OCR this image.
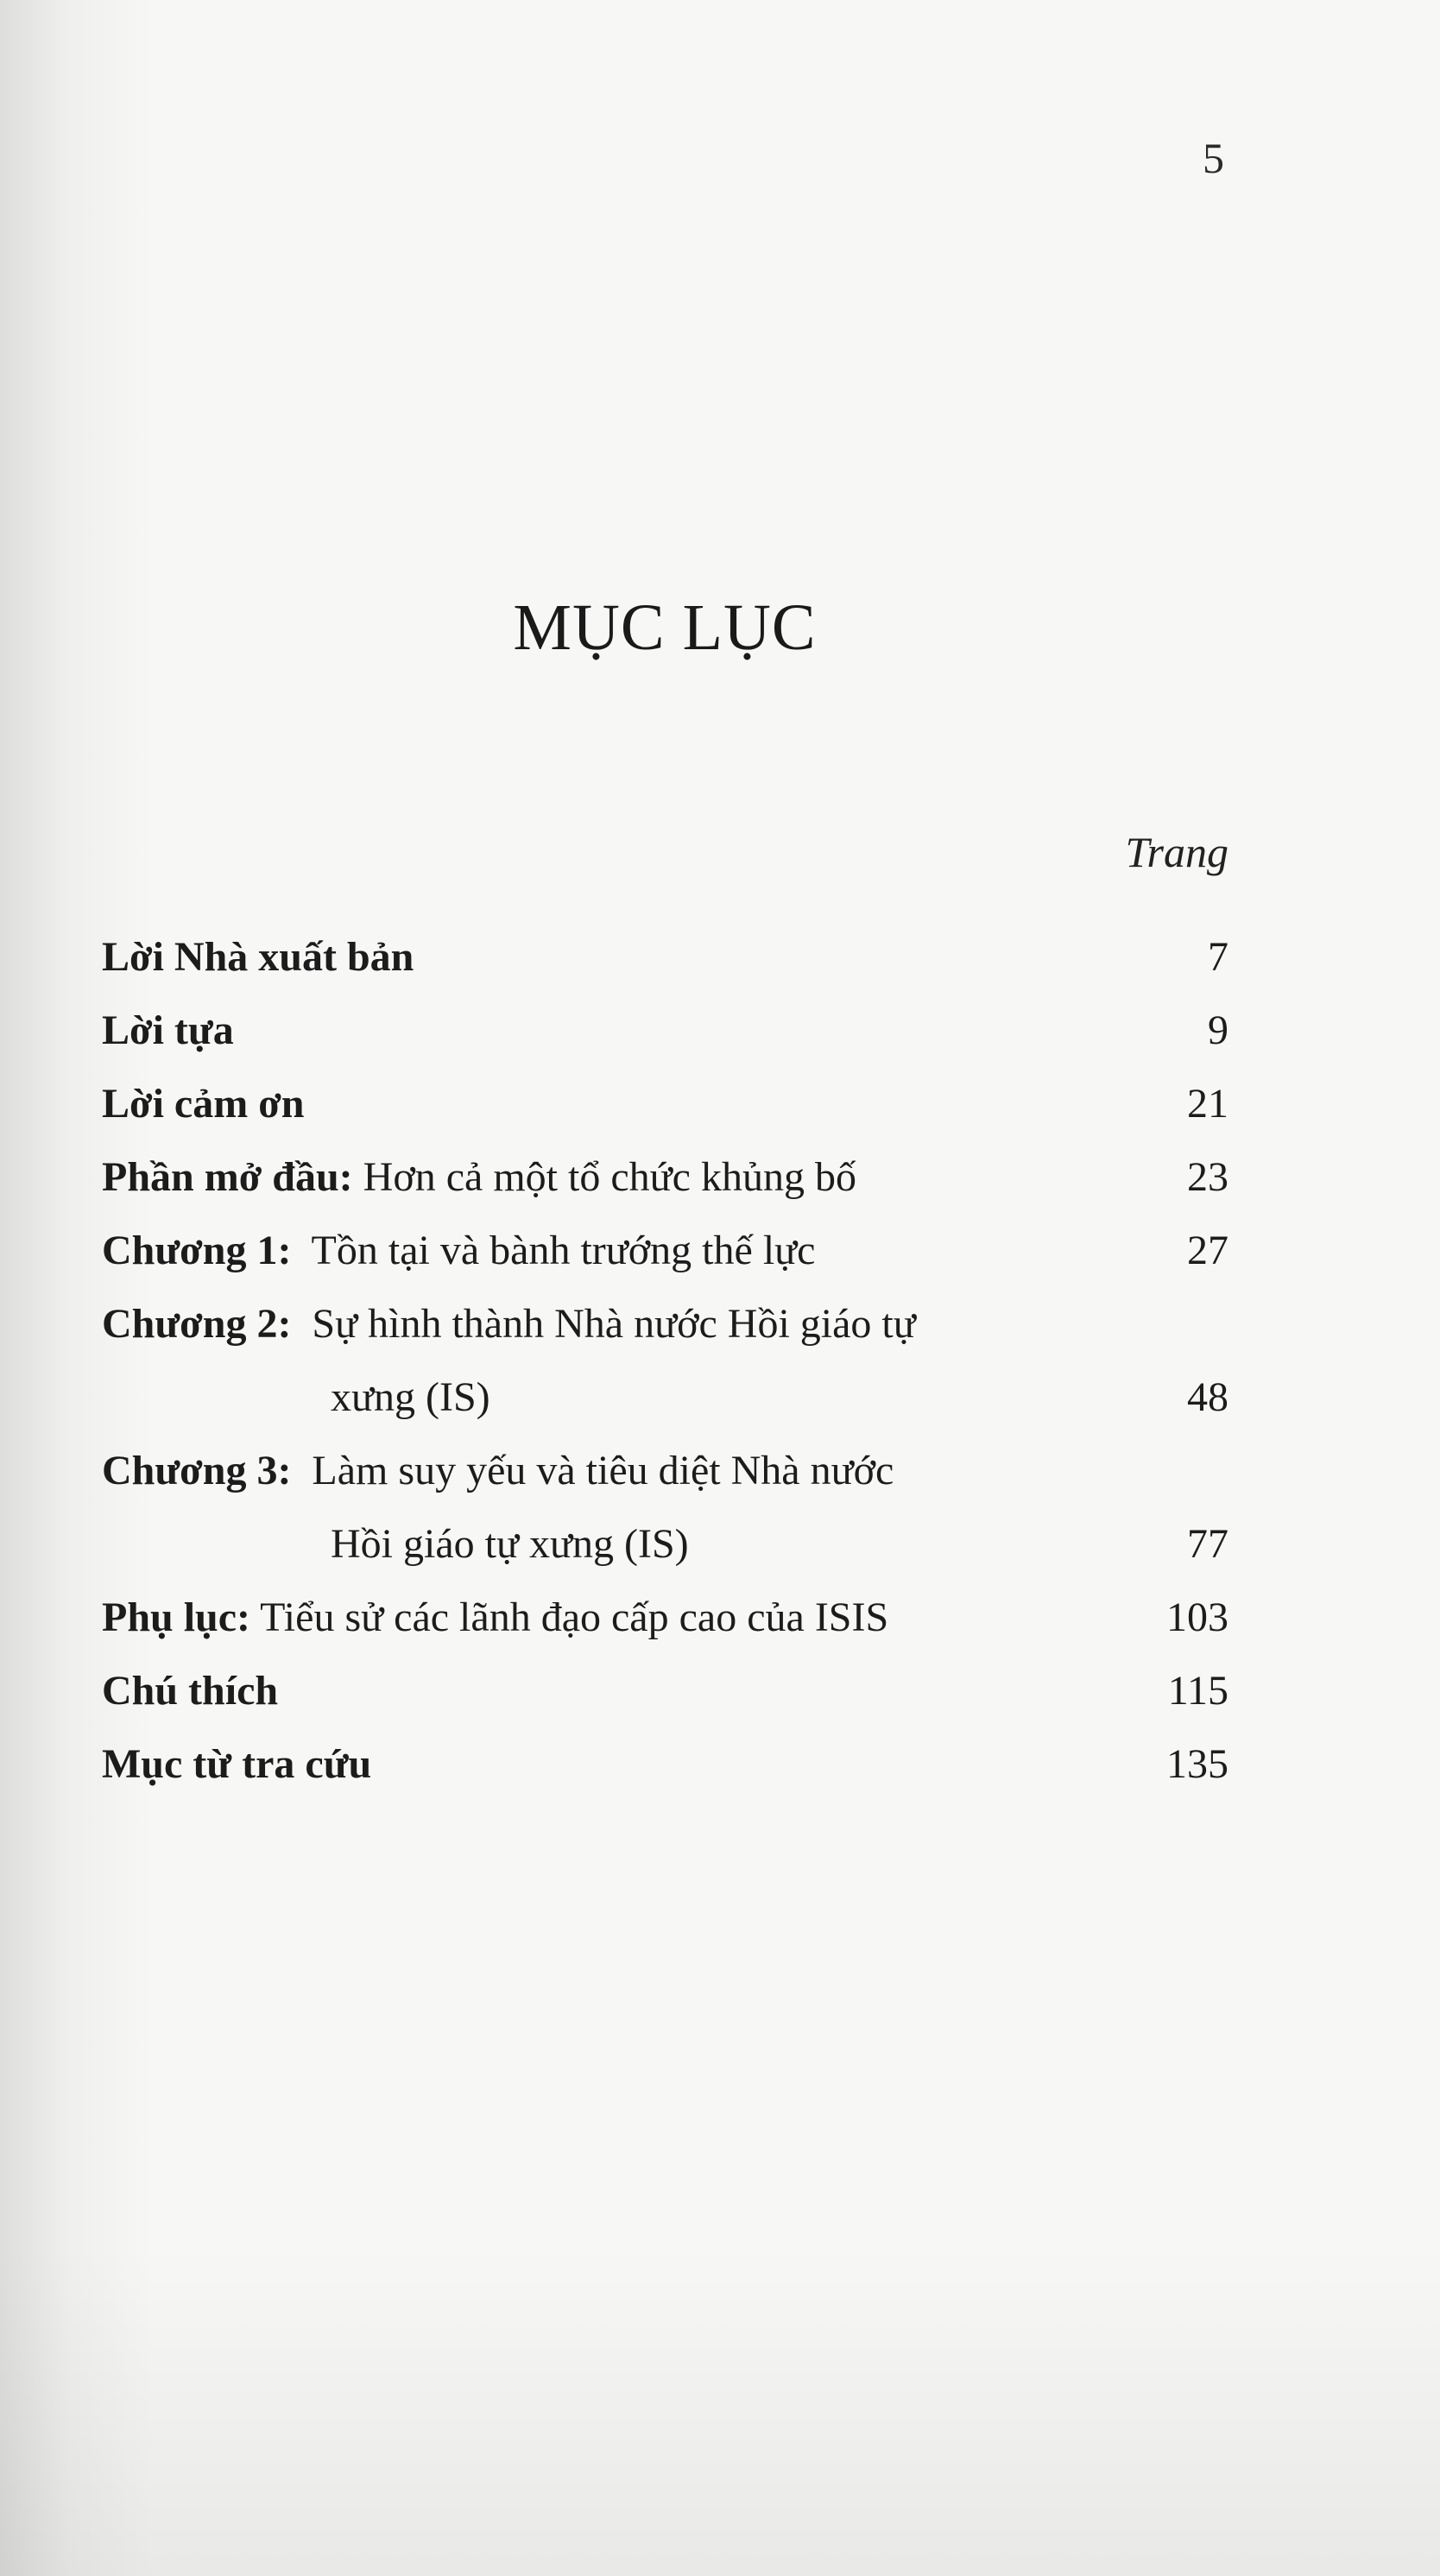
5
MỤC LỤC
Trang
Lời Nhà xuất bản	7
Lời tựa	9
Lời cảm ơn	21
Phần mở đầu: Hơn cả một tổ chức khủng bố	23
Chương 1:  Tồn tại và bành trướng thế lực	27
Chương 2:  Sự hình thành Nhà nước Hồi giáo tự
xưng (IS)	48
Chương 3:  Làm suy yếu và tiêu diệt Nhà nước
Hồi giáo tự xưng (IS)	77
Phụ lục: Tiểu sử các lãnh đạo cấp cao của ISIS	103
Chú thích	115
Mục từ tra cứu	135
